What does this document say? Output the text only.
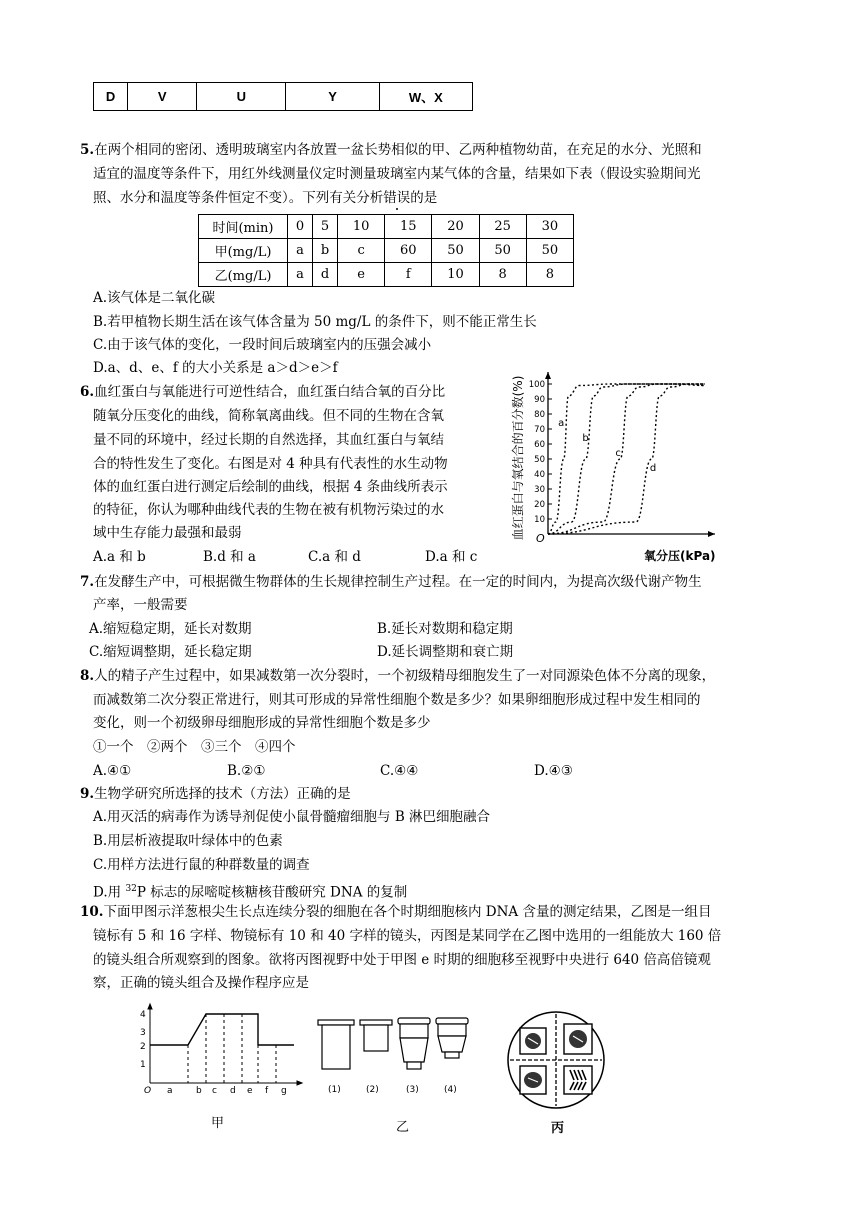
D	V	U	Y	W、X
5.在两个相同的密闭、透明玻璃室内各放置一盆长势相似的甲、乙两种植物幼苗，在充足的水分、光照和
适宜的温度等条件下，用红外线测量仪定时测量玻璃室内某气体的含量，结果如下表（假设实验期间光
照、水分和温度等条件恒定不变）。下列有关分析错误的是
时间(min)	0	5	10	15	20	25	30
甲(mg/L)	a	b	c	60	50	50	50
乙(mg/L)	a	d	e	f	10	8	8
A.该气体是二氧化碳
B.若甲植物长期生活在该气体含量为 50 mg/L 的条件下，则不能正常生长
C.由于该气体的变化，一段时间后玻璃室内的压强会减小
D.a、d、e、f 的大小关系是 a＞d＞e＞f
6.血红蛋白与氧能进行可逆性结合，血红蛋白结合氧的百分比
随氧分压变化的曲线，简称氧离曲线。但不同的生物在含氧
量不同的环境中，经过长期的自然选择，其血红蛋白与氧结
合的特性发生了变化。右图是对 4 种具有代表性的水生动物
体的血红蛋白进行测定后绘制的曲线，根据 4 条曲线所表示
的特征，你认为哪种曲线代表的生物在被有机物污染过的水
域中生存能力最强和最弱
A.a 和 b	B.d 和 a	C.a 和 d	D.a 和 c
血红蛋白与氧结合的百分数(%) 10
20
30
40
50
60
70
80
90
100
a
b
c
d
O
氧分压(kPa)
7.在发酵生产中，可根据微生物群体的生长规律控制生产过程。在一定的时间内，为提高次级代谢产物生
产率，一般需要
A.缩短稳定期，延长对数期	B.延长对数期和稳定期
C.缩短调整期，延长稳定期	D.延长调整期和衰亡期
8.人的精子产生过程中，如果减数第一次分裂时，一个初级精母细胞发生了一对同源染色体不分离的现象，
而减数第二次分裂正常进行，则其可形成的异常性细胞个数是多少？如果卵细胞形成过程中发生相同的
变化，则一个初级卵母细胞形成的异常性细胞个数是多少
①一个　②两个　③三个　④四个
A.④①	B.②①	C.④④	D.④③
9.生物学研究所选择的技术（方法）正确的是
A.用灭活的病毒作为诱导剂促使小鼠骨髓瘤细胞与 B 淋巴细胞融合
B.用层析液提取叶绿体中的色素
C.用样方法进行鼠的种群数量的调查
D.用 $^{32}$P 标志的尿嘧啶核糖核苷酸研究 DNA 的复制
10.下面甲图示洋葱根尖生长点连续分裂的细胞在各个时期细胞核内 DNA 含量的测定结果，乙图是一组目
镜标有 5 和 16 字样、物镜标有 10 和 40 字样的镜头，丙图是某同学在乙图中选用的一组能放大 160 倍
的镜头组合所观察到的图象。欲将丙图视野中处于甲图 e 时期的细胞移至视野中央进行 640 倍高倍镜观
察，正确的镜头组合及操作程序应是
4
3
2
1
O a	b c d e f g
甲
(1)	(2)	(3)	(4)
乙	丙
